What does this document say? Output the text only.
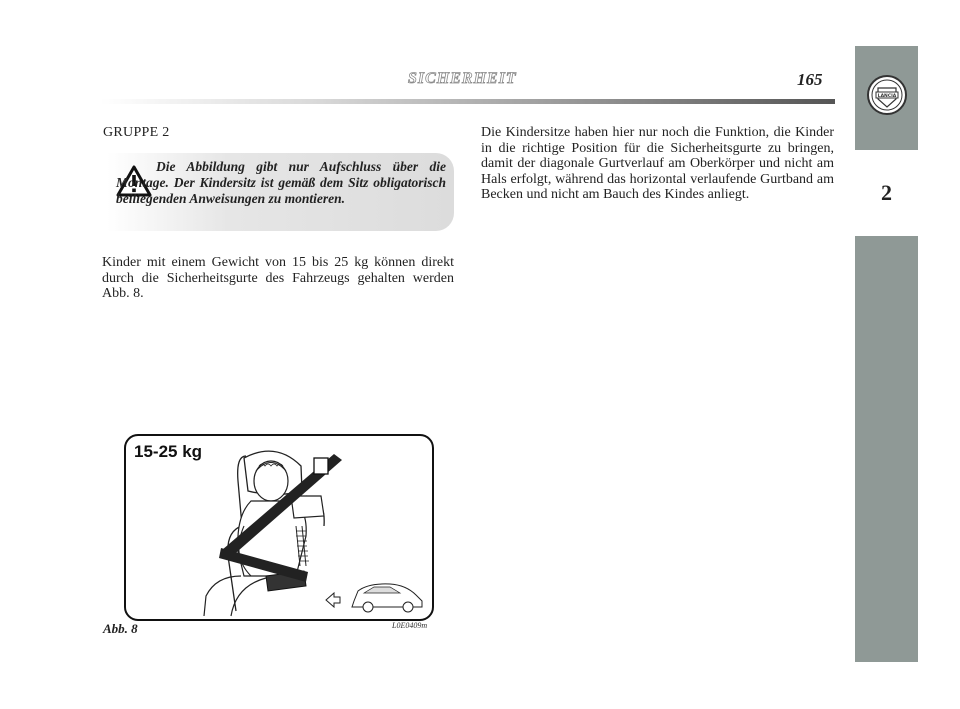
SICHERHEIT	165
LANCIA
2
GRUPPE 2
Die Abbildung gibt nur Aufschluss über die Montage. Der Kindersitz ist gemäß dem Sitz obligatorisch beiliegenden Anweisungen zu montieren.
Kinder mit einem Gewicht von 15 bis 25 kg können direkt durch die Sicherheitsgurte des Fahrzeugs gehalten werden Abb. 8.
15-25 kg
Abb. 8	L0E0409m
Die Kindersitze haben hier nur noch die Funktion, die Kinder in die richtige Position für die Sicherheitsgurte zu bringen, damit der diagonale Gurtverlauf am Oberkörper und nicht am Hals erfolgt, während das horizontal verlaufende Gurtband am Becken und nicht am Bauch des Kindes anliegt.
